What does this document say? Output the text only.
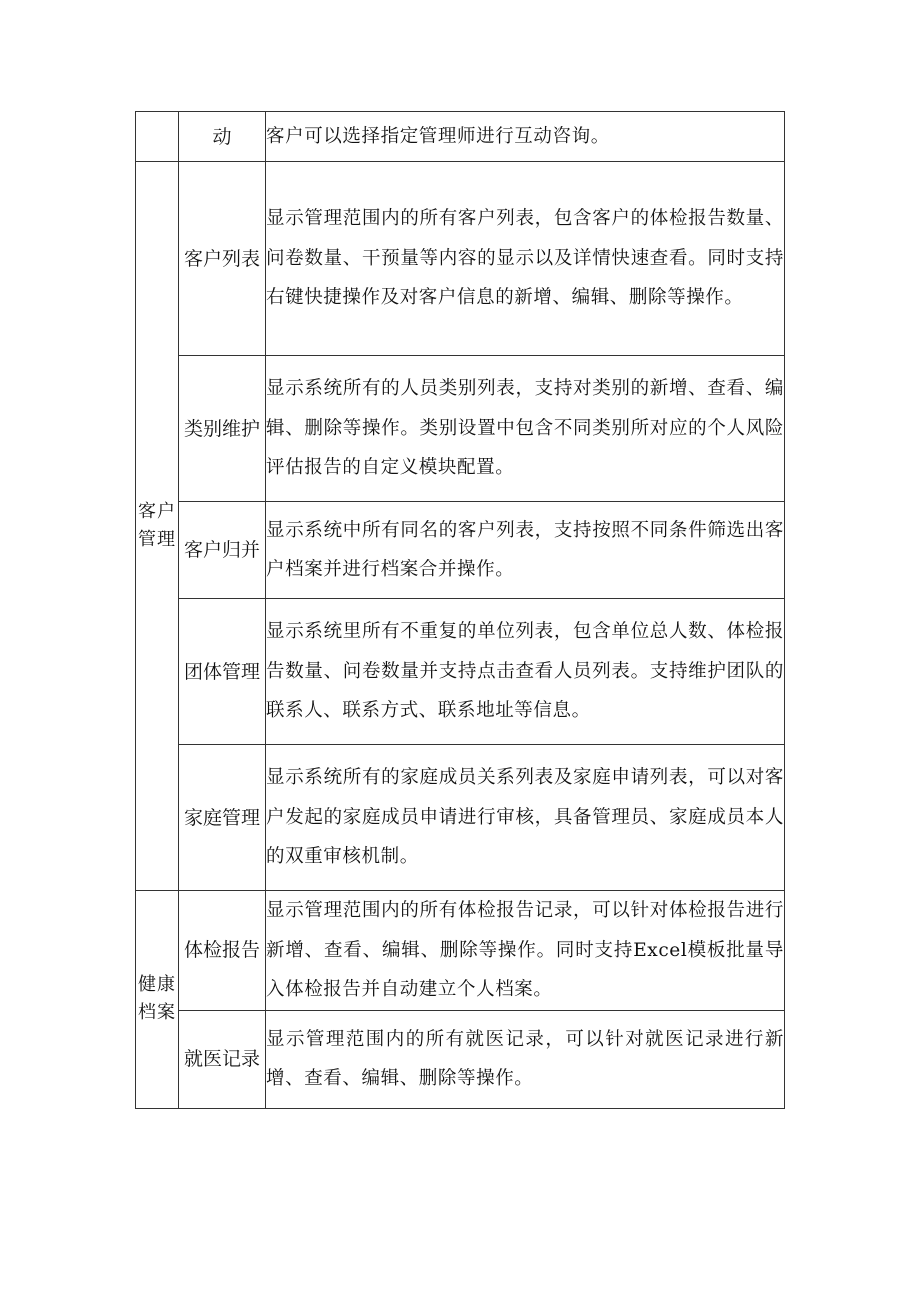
	动	客户可以选择指定管理师进行互动咨询。
客户管理	客户列表	显示管理范围内的所有客户列表，包含客户的体检报告数量、问卷数量、干预量等内容的显示以及详情快速查看。同时支持右键快捷操作及对客户信息的新增、编辑、删除等操作。
	类别维护	显示系统所有的人员类别列表，支持对类别的新增、查看、编辑、删除等操作。类别设置中包含不同类别所对应的个人风险评估报告的自定义模块配置。
	客户归并	显示系统中所有同名的客户列表，支持按照不同条件筛选出客户档案并进行档案合并操作。
	团体管理	显示系统里所有不重复的单位列表，包含单位总人数、体检报告数量、问卷数量并支持点击查看人员列表。支持维护团队的联系人、联系方式、联系地址等信息。
	家庭管理	显示系统所有的家庭成员关系列表及家庭申请列表，可以对客户发起的家庭成员申请进行审核，具备管理员、家庭成员本人的双重审核机制。
健康档案	体检报告	显示管理范围内的所有体检报告记录，可以针对体检报告进行新增、查看、编辑、删除等操作。同时支持Excel模板批量导入体检报告并自动建立个人档案。
	就医记录	显示管理范围内的所有就医记录，可以针对就医记录进行新增、查看、编辑、删除等操作。
